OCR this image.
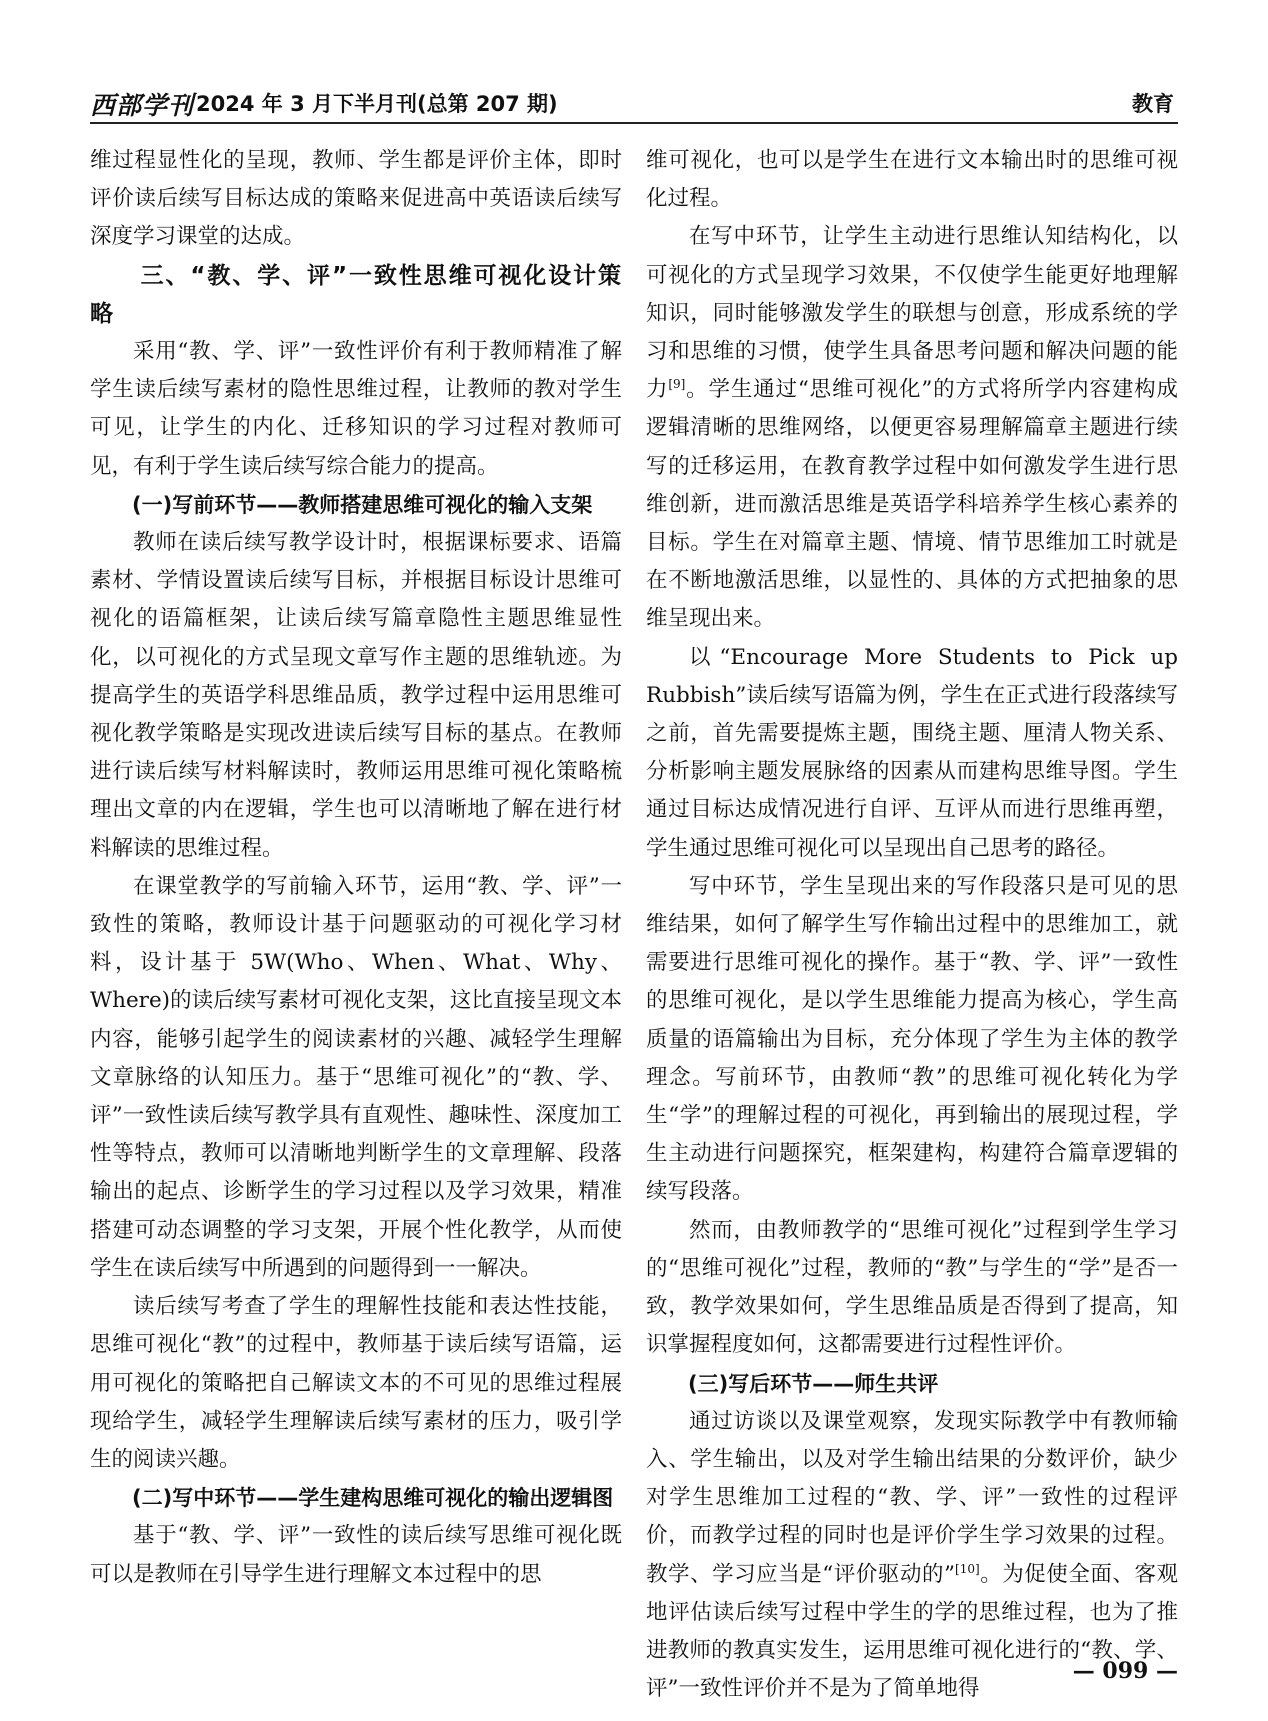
西部学刊 2024 年 3 月下半月刊(总第 207 期)	教育

维过程显性化的呈现，教师、学生都是评价主体，即时评价读后续写目标达成的策略来促进高中英语读后续写深度学习课堂的达成。

三、“教、学、评”一致性思维可视化设计策略

采用“教、学、评”一致性评价有利于教师精准了解学生读后续写素材的隐性思维过程，让教师的教对学生可见，让学生的内化、迁移知识的学习过程对教师可见，有利于学生读后续写综合能力的提高。

(一)写前环节——教师搭建思维可视化的输入支架

教师在读后续写教学设计时，根据课标要求、语篇素材、学情设置读后续写目标，并根据目标设计思维可视化的语篇框架，让读后续写篇章隐性主题思维显性化，以可视化的方式呈现文章写作主题的思维轨迹。为提高学生的英语学科思维品质，教学过程中运用思维可视化教学策略是实现改进读后续写目标的基点。在教师进行读后续写材料解读时，教师运用思维可视化策略梳理出文章的内在逻辑，学生也可以清晰地了解在进行材料解读的思维过程。

在课堂教学的写前输入环节，运用“教、学、评”一致性的策略，教师设计基于问题驱动的可视化学习材料，设计基于 5W(Who、When、What、Why、Where)的读后续写素材可视化支架，这比直接呈现文本内容，能够引起学生的阅读素材的兴趣、减轻学生理解文章脉络的认知压力。基于“思维可视化”的“教、学、评”一致性读后续写教学具有直观性、趣味性、深度加工性等特点，教师可以清晰地判断学生的文章理解、段落输出的起点、诊断学生的学习过程以及学习效果，精准搭建可动态调整的学习支架，开展个性化教学，从而使学生在读后续写中所遇到的问题得到一一解决。

读后续写考查了学生的理解性技能和表达性技能，思维可视化“教”的过程中，教师基于读后续写语篇，运用可视化的策略把自己解读文本的不可见的思维过程展现给学生，减轻学生理解读后续写素材的压力，吸引学生的阅读兴趣。

(二)写中环节——学生建构思维可视化的输出逻辑图

基于“教、学、评”一致性的读后续写思维可视化既可以是教师在引导学生进行理解文本过程中的思

维可视化，也可以是学生在进行文本输出时的思维可视化过程。

在写中环节，让学生主动进行思维认知结构化，以可视化的方式呈现学习效果，不仅使学生能更好地理解知识，同时能够激发学生的联想与创意，形成系统的学习和思维的习惯，使学生具备思考问题和解决问题的能力[9]。学生通过“思维可视化”的方式将所学内容建构成逻辑清晰的思维网络，以便更容易理解篇章主题进行续写的迁移运用，在教育教学过程中如何激发学生进行思维创新，进而激活思维是英语学科培养学生核心素养的目标。学生在对篇章主题、情境、情节思维加工时就是在不断地激活思维，以显性的、具体的方式把抽象的思维呈现出来。

以“Encourage More Students to Pick up Rubbish”读后续写语篇为例，学生在正式进行段落续写之前，首先需要提炼主题，围绕主题、厘清人物关系、分析影响主题发展脉络的因素从而建构思维导图。学生通过目标达成情况进行自评、互评从而进行思维再塑，学生通过思维可视化可以呈现出自己思考的路径。

写中环节，学生呈现出来的写作段落只是可见的思维结果，如何了解学生写作输出过程中的思维加工，就需要进行思维可视化的操作。基于“教、学、评”一致性的思维可视化，是以学生思维能力提高为核心，学生高质量的语篇输出为目标，充分体现了学生为主体的教学理念。写前环节，由教师“教”的思维可视化转化为学生“学”的理解过程的可视化，再到输出的展现过程，学生主动进行问题探究，框架建构，构建符合篇章逻辑的续写段落。

然而，由教师教学的“思维可视化”过程到学生学习的“思维可视化”过程，教师的“教”与学生的“学”是否一致，教学效果如何，学生思维品质是否得到了提高，知识掌握程度如何，这都需要进行过程性评价。

(三)写后环节——师生共评

通过访谈以及课堂观察，发现实际教学中有教师输入、学生输出，以及对学生输出结果的分数评价，缺少对学生思维加工过程的“教、学、评”一致性的过程评价，而教学过程的同时也是评价学生学习效果的过程。教学、学习应当是“评价驱动的”[10]。为促使全面、客观地评估读后续写过程中学生的学的思维过程，也为了推进教师的教真实发生，运用思维可视化进行的“教、学、评”一致性评价并不是为了简单地得

— 099 —
